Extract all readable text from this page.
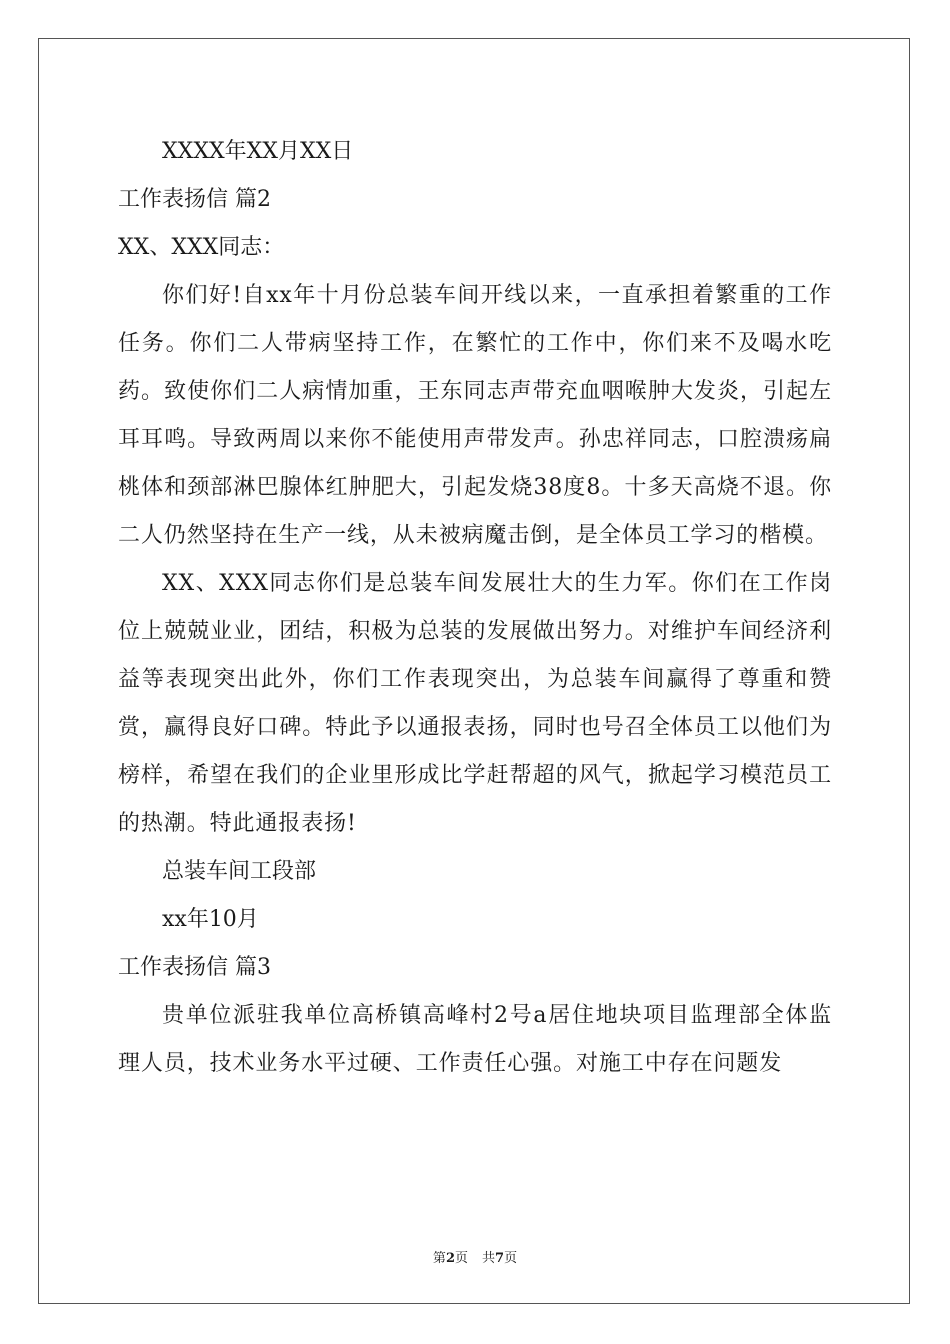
XXXX年XX月XX日

工作表扬信 篇2

XX、XXX同志：

你们好!自xx年十月份总装车间开线以来，一直承担着繁重的工作任务。你们二人带病坚持工作，在繁忙的工作中，你们来不及喝水吃药。致使你们二人病情加重，王东同志声带充血咽喉肿大发炎，引起左耳耳鸣。导致两周以来你不能使用声带发声。孙忠祥同志，口腔溃疡扁桃体和颈部淋巴腺体红肿肥大，引起发烧38度8。十多天高烧不退。你二人仍然坚持在生产一线，从未被病魔击倒，是全体员工学习的楷模。

XX、XXX同志你们是总装车间发展壮大的生力军。你们在工作岗位上兢兢业业，团结，积极为总装的发展做出努力。对维护车间经济利益等表现突出此外，你们工作表现突出，为总装车间赢得了尊重和赞赏，赢得良好口碑。特此予以通报表扬，同时也号召全体员工以他们为榜样，希望在我们的企业里形成比学赶帮超的风气，掀起学习模范员工的热潮。特此通报表扬!

总装车间工段部

xx年10月

工作表扬信 篇3

贵单位派驻我单位高桥镇高峰村2号a居住地块项目监理部全体监理人员，技术业务水平过硬、工作责任心强。对施工中存在问题发

第2页 共7页
